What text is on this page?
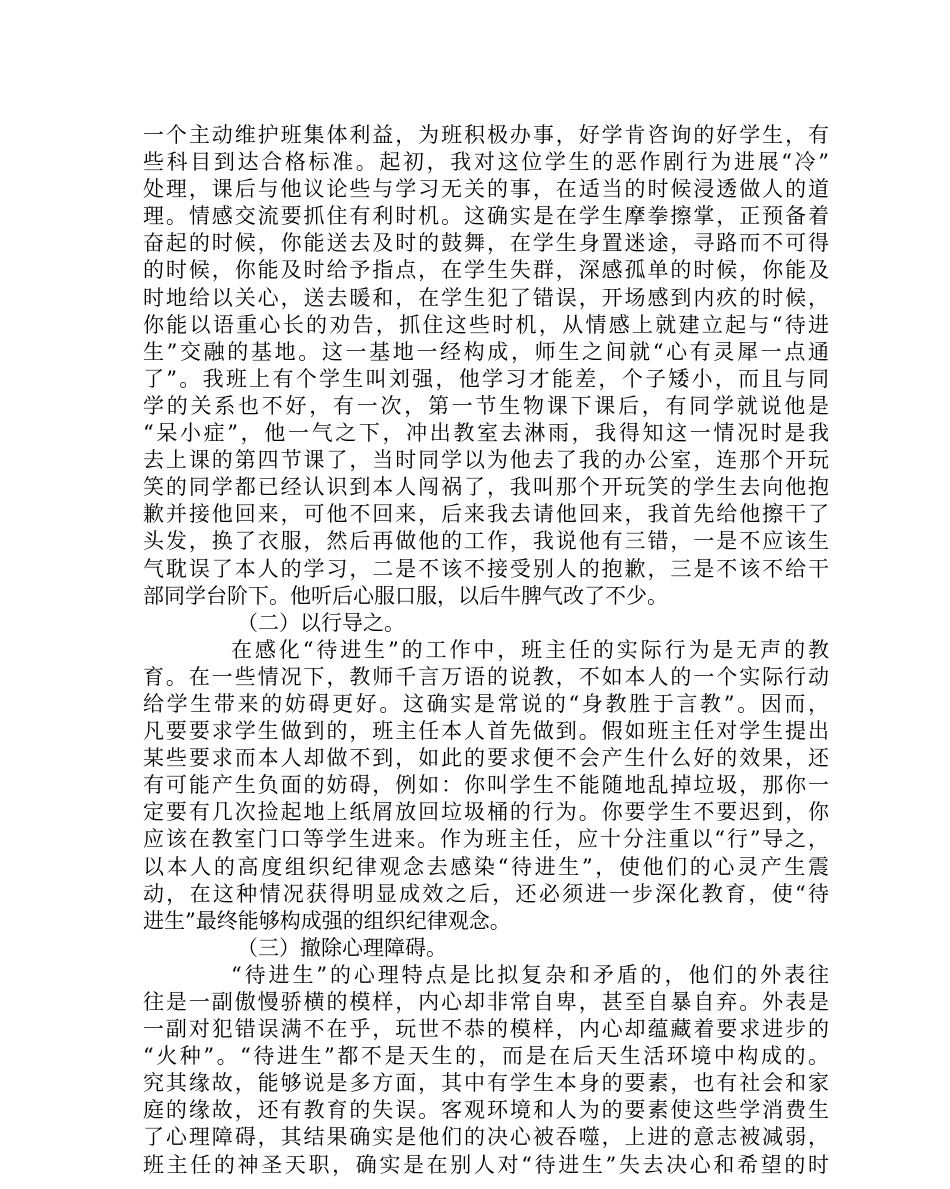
一个主动维护班集体利益，为班积极办事，好学肯咨询的好学生，有
些科目到达合格标准。起初，我对这位学生的恶作剧行为进展“冷”
处理，课后与他议论些与学习无关的事，在适当的时候浸透做人的道
理。情感交流要抓住有利时机。这确实是在学生摩拳擦掌，正预备着
奋起的时候，你能送去及时的鼓舞，在学生身置迷途，寻路而不可得
的时候，你能及时给予指点，在学生失群，深感孤单的时候，你能及
时地给以关心，送去暖和，在学生犯了错误，开场感到内疚的时候，
你能以语重心长的劝告，抓住这些时机，从情感上就建立起与“待进
生”交融的基地。这一基地一经构成，师生之间就“心有灵犀一点通
了”。我班上有个学生叫刘强，他学习才能差，个子矮小，而且与同
学的关系也不好，有一次，第一节生物课下课后，有同学就说他是
“呆小症”，他一气之下，冲出教室去淋雨，我得知这一情况时是我
去上课的第四节课了，当时同学以为他去了我的办公室，连那个开玩
笑的同学都已经认识到本人闯祸了，我叫那个开玩笑的学生去向他抱
歉并接他回来，可他不回来，后来我去请他回来，我首先给他擦干了
头发，换了衣服，然后再做他的工作，我说他有三错，一是不应该生
气耽误了本人的学习，二是不该不接受别人的抱歉，三是不该不给干
部同学台阶下。他听后心服口服，以后牛脾气改了不少。
（二）以行导之。
在感化“待进生”的工作中，班主任的实际行为是无声的教
育。在一些情况下，教师千言万语的说教，不如本人的一个实际行动
给学生带来的妨碍更好。这确实是常说的“身教胜于言教”。因而，
凡要要求学生做到的，班主任本人首先做到。假如班主任对学生提出
某些要求而本人却做不到，如此的要求便不会产生什么好的效果，还
有可能产生负面的妨碍，例如：你叫学生不能随地乱掉垃圾，那你一
定要有几次捡起地上纸屑放回垃圾桶的行为。你要学生不要迟到，你
应该在教室门口等学生进来。作为班主任，应十分注重以“行”导之，
以本人的高度组织纪律观念去感染“待进生”，使他们的心灵产生震
动，在这种情况获得明显成效之后，还必须进一步深化教育，使“待
进生”最终能够构成强的组织纪律观念。
（三）撤除心理障碍。
“待进生”的心理特点是比拟复杂和矛盾的，他们的外表往
往是一副傲慢骄横的模样，内心却非常自卑，甚至自暴自弃。外表是
一副对犯错误满不在乎，玩世不恭的模样，内心却蕴藏着要求进步的
“火种”。“待进生”都不是天生的，而是在后天生活环境中构成的。
究其缘故，能够说是多方面，其中有学生本身的要素，也有社会和家
庭的缘故，还有教育的失误。客观环境和人为的要素使这些学消费生
了心理障碍，其结果确实是他们的决心被吞噬，上进的意志被减弱，
班主任的神圣天职，确实是在别人对“待进生”失去决心和希望的时
